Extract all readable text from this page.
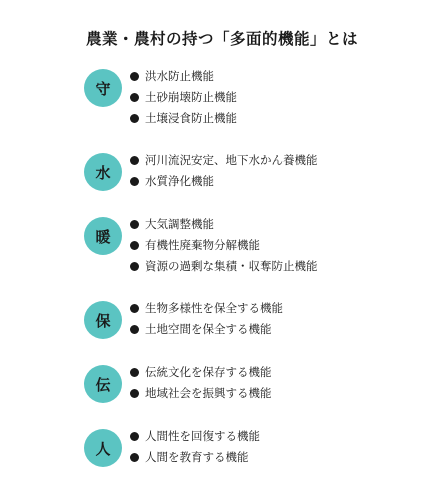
農業・農村の持つ「多面的機能」とは
守
洪水防止機能
土砂崩壊防止機能
土壌浸食防止機能
水
河川流況安定、地下水かん養機能
水質浄化機能
暖
大気調整機能
有機性廃棄物分解機能
資源の過剰な集積・収奪防止機能
保
生物多様性を保全する機能
土地空間を保全する機能
伝
伝統文化を保存する機能
地域社会を振興する機能
人
人間性を回復する機能
人間を教育する機能
